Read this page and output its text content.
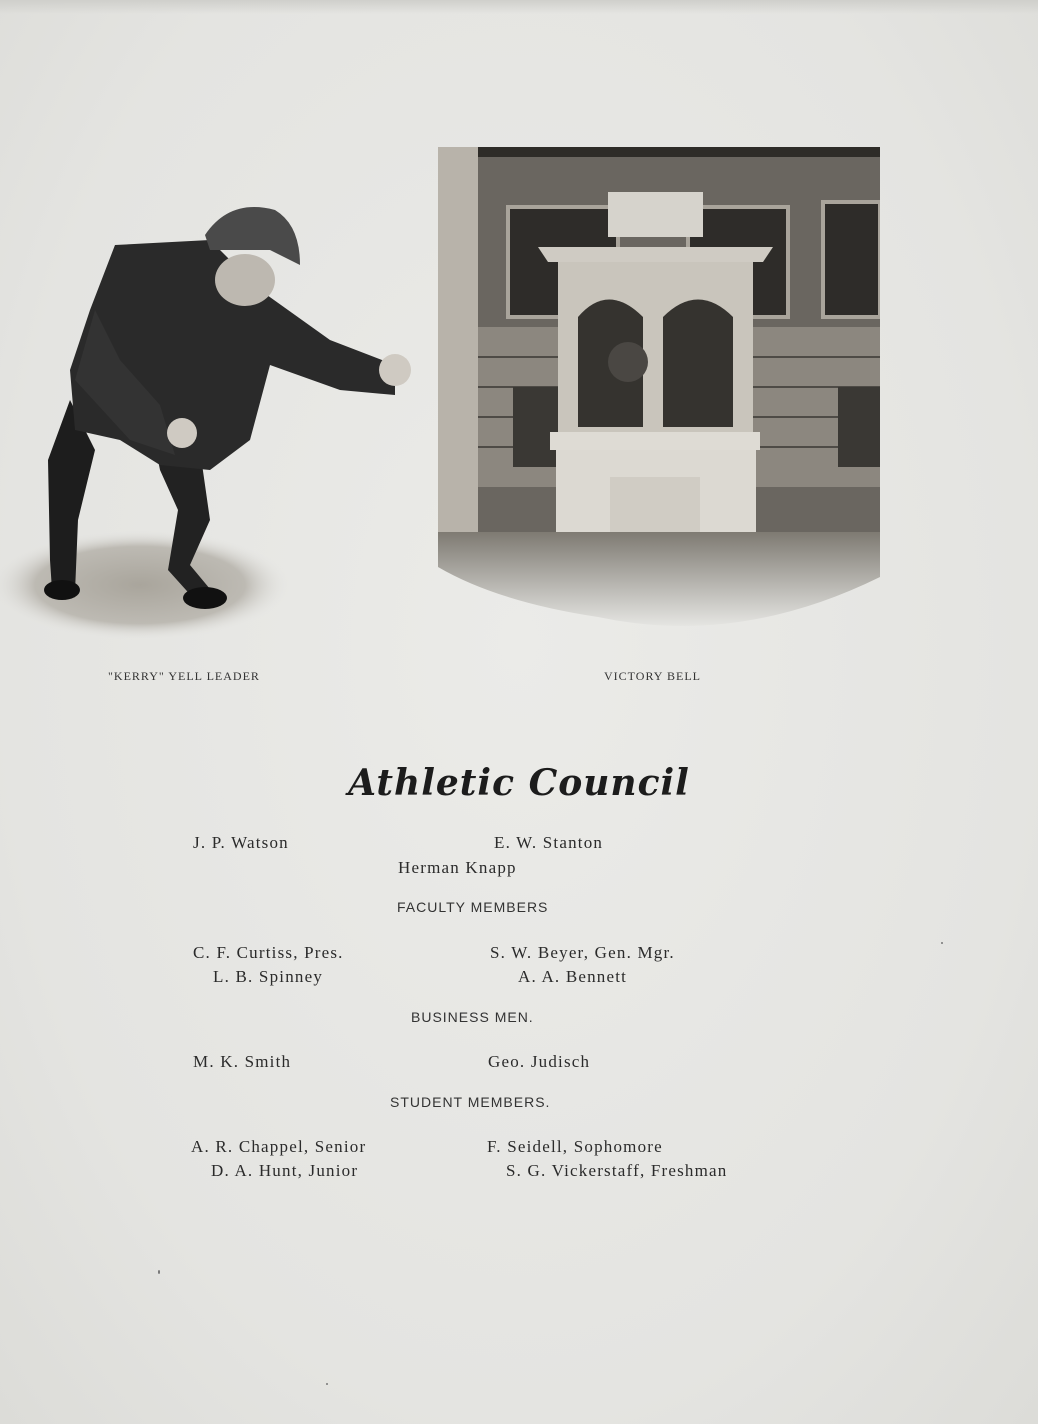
"KERRY" YELL LEADER	VICTORY BELL
Athletic Council
J. P. Watson	E. W. Stanton
Herman Knapp
FACULTY MEMBERS
C. F. Curtiss, Pres.	S. W. Beyer, Gen. Mgr.
L. B. Spinney	A. A. Bennett
BUSINESS MEN.
M. K. Smith	Geo. Judisch
STUDENT MEMBERS.
A. R. Chappel, Senior	F. Seidell, Sophomore
D. A. Hunt, Junior	S. G. Vickerstaff, Freshman
